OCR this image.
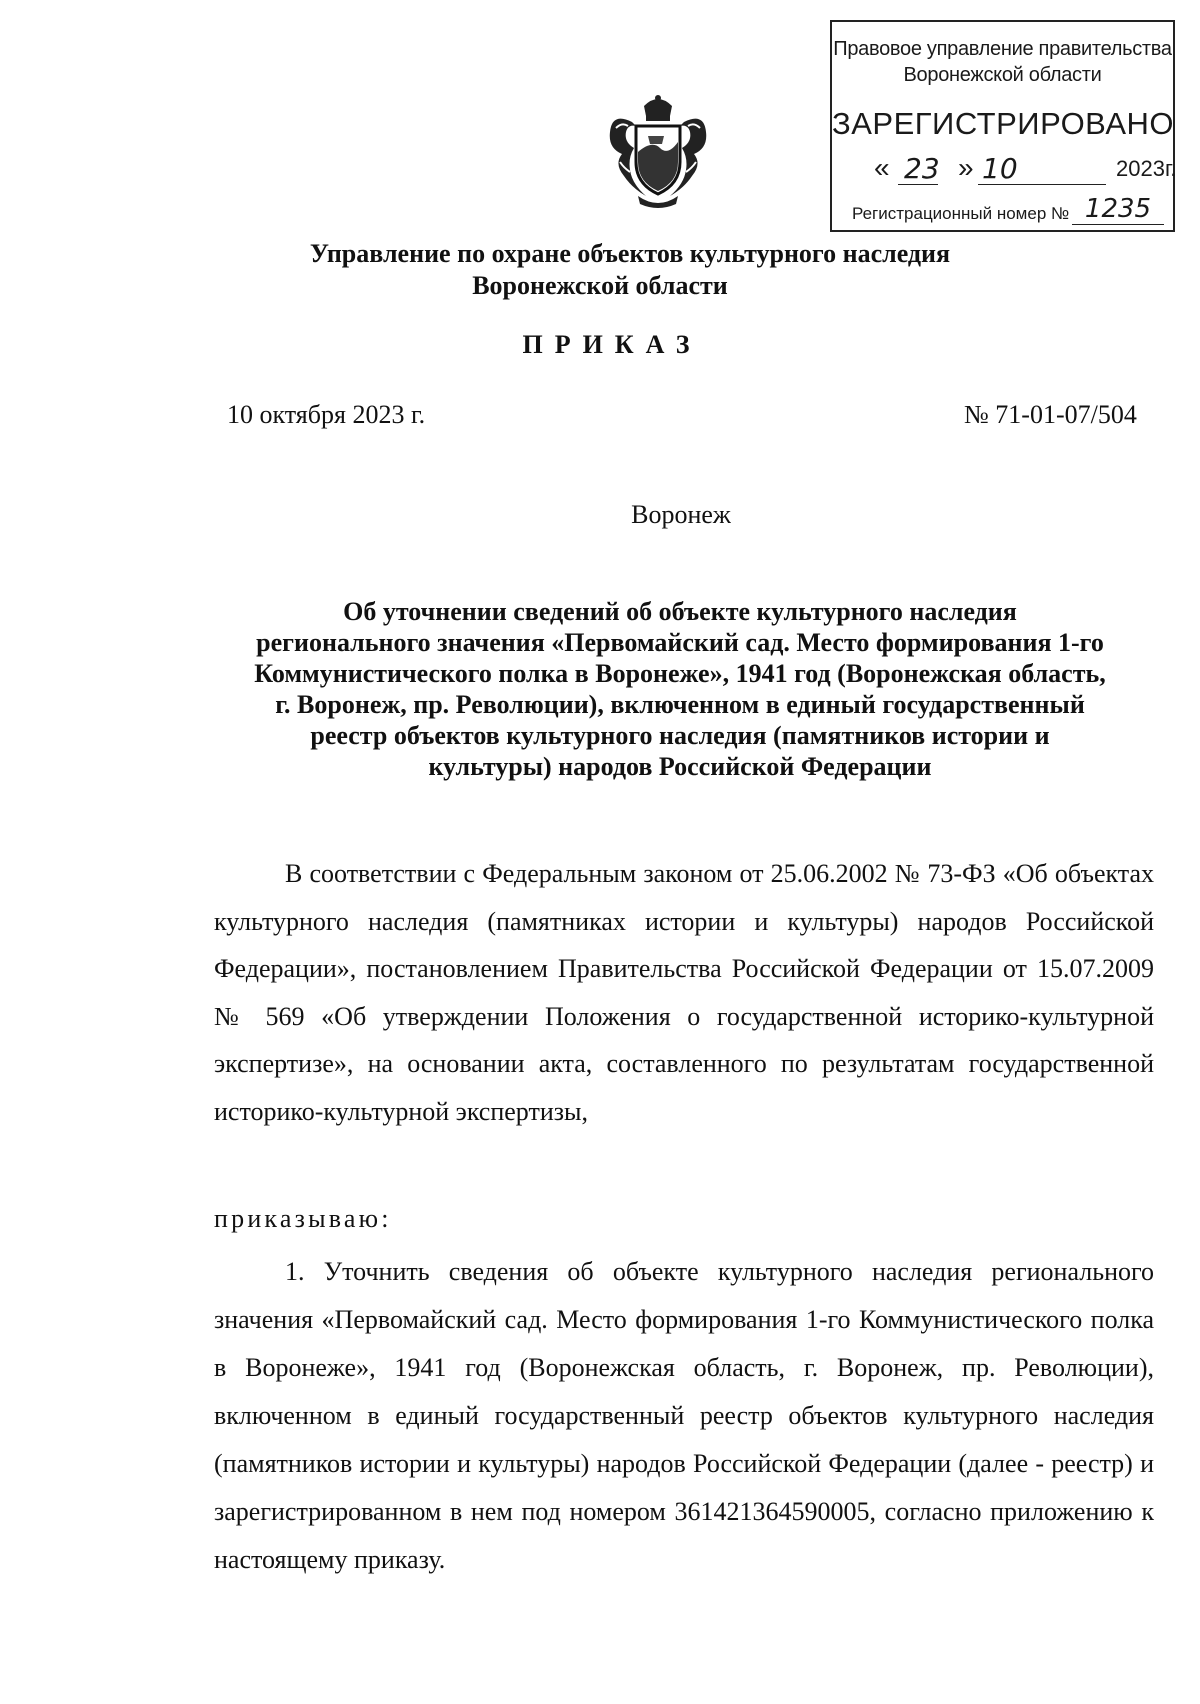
Правовое управление правительства
Воронежской области
ЗАРЕГИСТРИРОВАНО
« 23 » 10	2023г.
Регистрационный номер № 1235
Управление по охране объектов культурного наследия
Воронежской области
ПРИКАЗ
10 октября 2023 г.	№ 71-01-07/504
Воронеж
Об уточнении сведений об объекте культурного наследия
регионального значения «Первомайский сад. Место формирования 1-го
Коммунистического полка в Воронеже», 1941 год (Воронежская область,
г. Воронеж, пр. Революции), включенном в единый государственный
реестр объектов культурного наследия (памятников истории и
культуры) народов Российской Федерации
В соответствии с Федеральным законом от 25.06.2002 № 73-ФЗ «Об объектах культурного наследия (памятниках истории и культуры) народов Российской Федерации», постановлением Правительства Российской Федерации от 15.07.2009 № 569 «Об утверждении Положения о государственной историко-культурной экспертизе», на основании акта, составленного по результатам государственной историко-культурной экспертизы,
приказываю:
1. Уточнить сведения об объекте культурного наследия регионального значения «Первомайский сад. Место формирования 1-го Коммунистического полка в Воронеже», 1941 год (Воронежская область, г. Воронеж, пр. Революции), включенном в единый государственный реестр объектов культурного наследия (памятников истории и культуры) народов Российской Федерации (далее - реестр) и зарегистрированном в нем под номером 361421364590005, согласно приложению к настоящему приказу.
